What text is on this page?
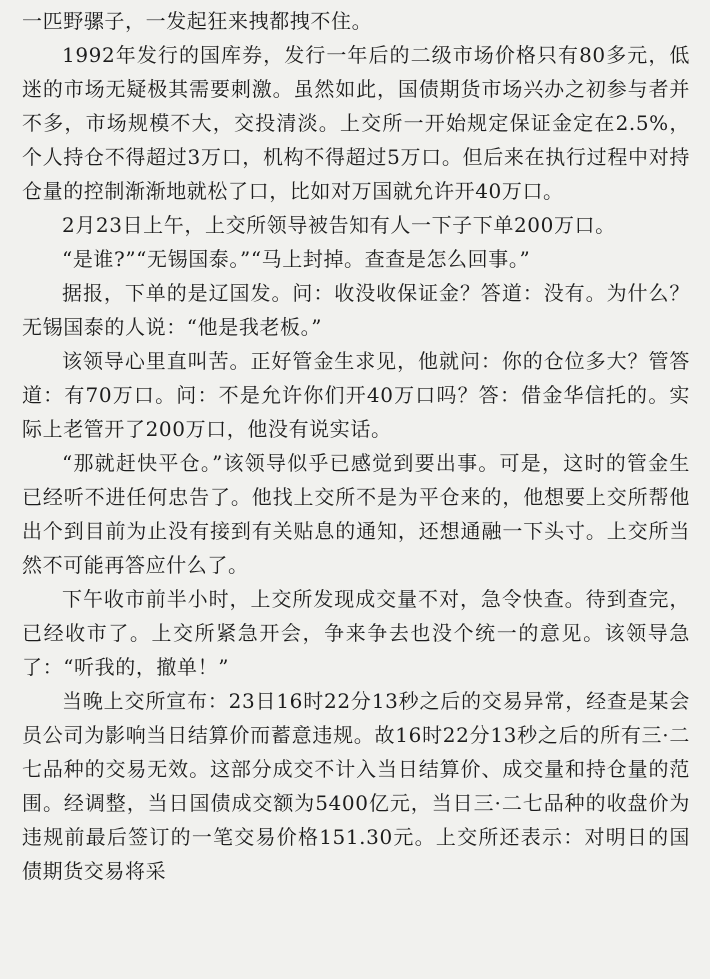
一匹野骡子，一发起狂来拽都拽不住。

1992年发行的国库券，发行一年后的二级市场价格只有80多元，低迷的市场无疑极其需要刺激。虽然如此，国债期货市场兴办之初参与者并不多，市场规模不大，交投清淡。上交所一开始规定保证金定在2.5%，个人持仓不得超过3万口，机构不得超过5万口。但后来在执行过程中对持仓量的控制渐渐地就松了口，比如对万国就允许开40万口。

2月23日上午，上交所领导被告知有人一下子下单200万口。

“是谁?”“无锡国泰。”“马上封掉。查查是怎么回事。”

据报，下单的是辽国发。问：收没收保证金？答道：没有。为什么？无锡国泰的人说：“他是我老板。”

该领导心里直叫苦。正好管金生求见，他就问：你的仓位多大？管答道：有70万口。问：不是允许你们开40万口吗？答：借金华信托的。实际上老管开了200万口，他没有说实话。

“那就赶快平仓。”该领导似乎已感觉到要出事。可是，这时的管金生已经听不进任何忠告了。他找上交所不是为平仓来的，他想要上交所帮他出个到目前为止没有接到有关贴息的通知，还想通融一下头寸。上交所当然不可能再答应什么了。

下午收市前半小时，上交所发现成交量不对，急令快查。待到查完，已经收市了。上交所紧急开会，争来争去也没个统一的意见。该领导急了：“听我的，撤单！”

当晚上交所宣布：23日16时22分13秒之后的交易异常，经查是某会员公司为影响当日结算价而蓄意违规。故16时22分13秒之后的所有三·二七品种的交易无效。这部分成交不计入当日结算价、成交量和持仓量的范围。经调整，当日国债成交额为5400亿元，当日三·二七品种的收盘价为违规前最后签订的一笔交易价格151.30元。上交所还表示：对明日的国债期货交易将采
